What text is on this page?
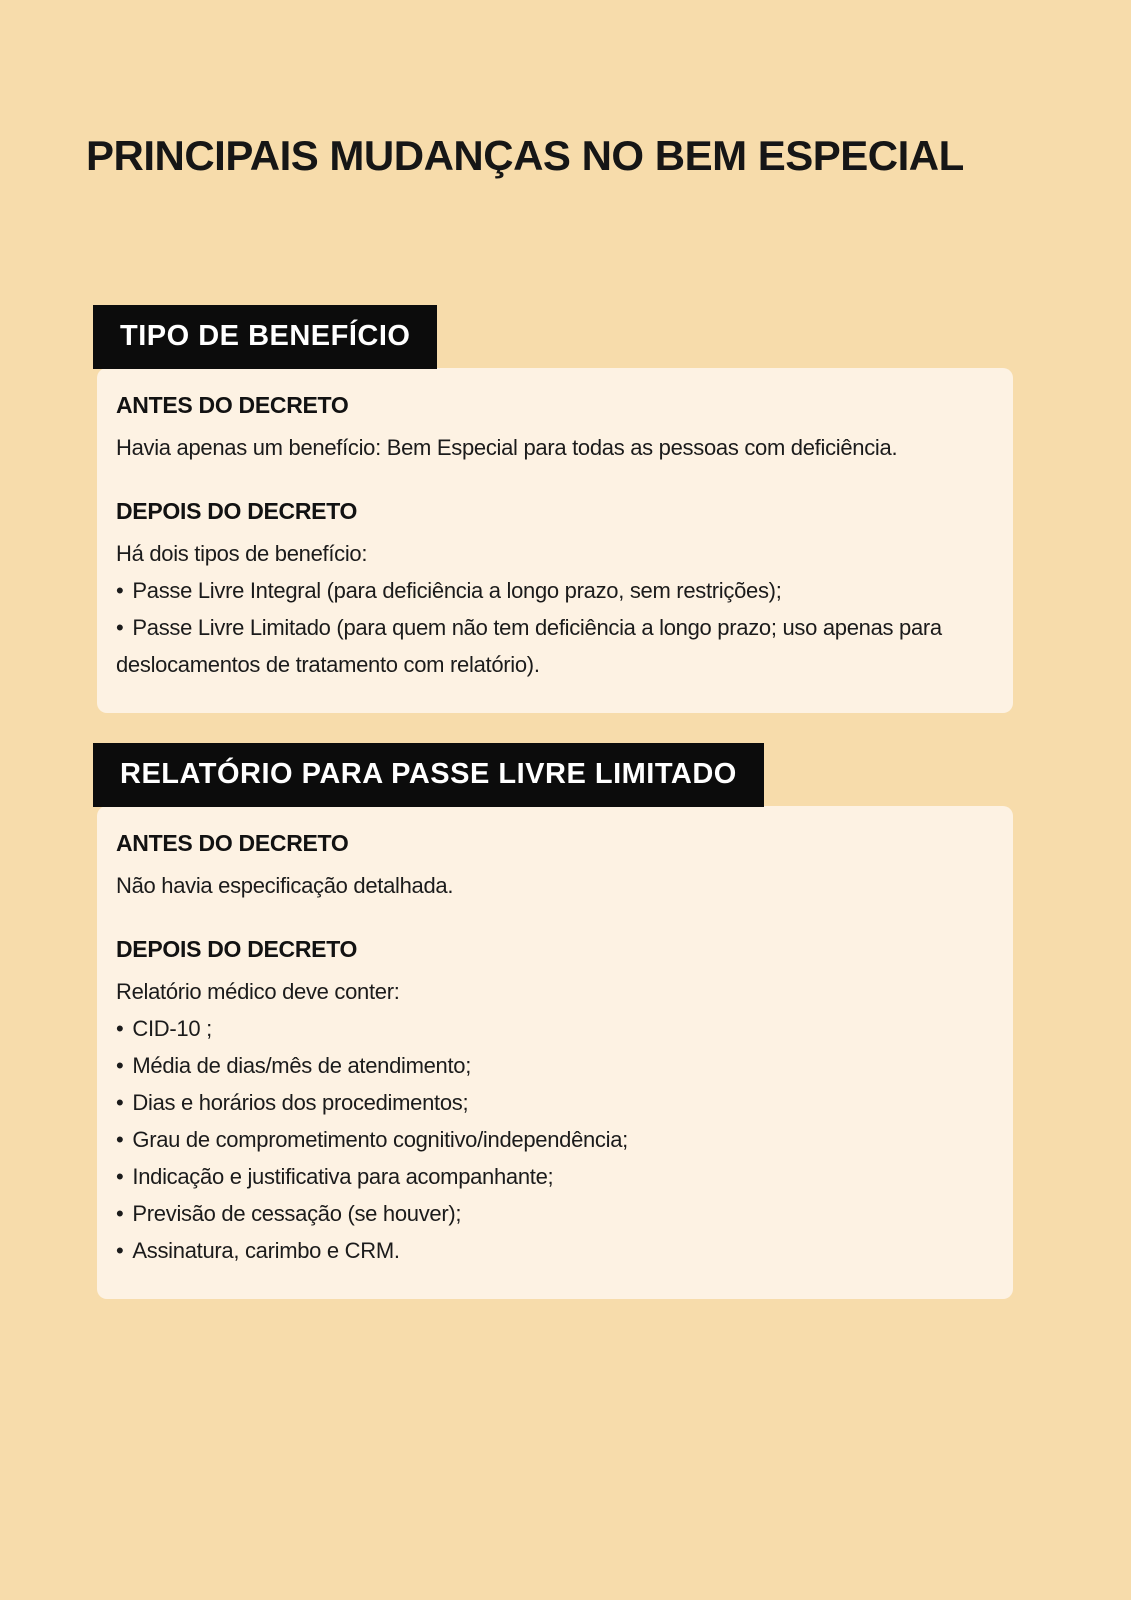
PRINCIPAIS MUDANÇAS NO BEM ESPECIAL
TIPO DE BENEFÍCIO
ANTES DO DECRETO

Havia apenas um benefício: Bem Especial para todas as pessoas com deficiência.

DEPOIS DO DECRETO

Há dois tipos de benefício:

• Passe Livre Integral (para deficiência a longo prazo, sem restrições);

• Passe Livre Limitado (para quem não tem deficiência a longo prazo; uso apenas para deslocamentos de tratamento com relatório).

RELATÓRIO PARA PASSE LIVRE LIMITADO
ANTES DO DECRETO

Não havia especificação detalhada.

DEPOIS DO DECRETO

Relatório médico deve conter:

• CID-10 ;

• Média de dias/mês de atendimento;

• Dias e horários dos procedimentos;

• Grau de comprometimento cognitivo/independência;

• Indicação e justificativa para acompanhante;

• Previsão de cessação (se houver);

• Assinatura, carimbo e CRM.
